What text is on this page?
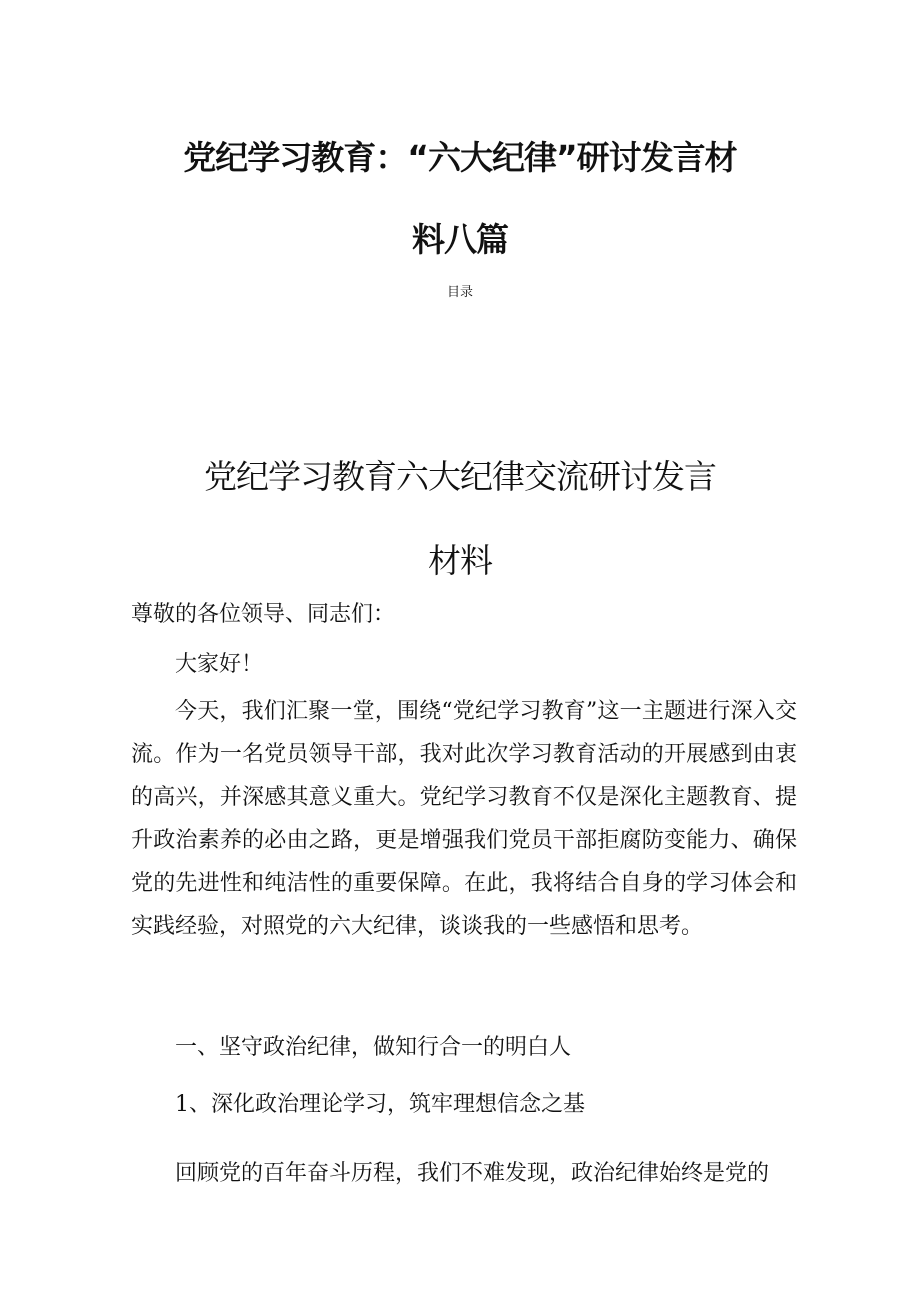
党纪学习教育：“六大纪律”研讨发言材
料八篇
目录
党纪学习教育六大纪律交流研讨发言
材料

尊敬的各位领导、同志们：

大家好！

今天，我们汇聚一堂，围绕“党纪学习教育”这一主题进行深入交流。作为一名党员领导干部，我对此次学习教育活动的开展感到由衷的高兴，并深感其意义重大。党纪学习教育不仅是深化主题教育、提升政治素养的必由之路，更是增强我们党员干部拒腐防变能力、确保党的先进性和纯洁性的重要保障。在此，我将结合自身的学习体会和实践经验，对照党的六大纪律，谈谈我的一些感悟和思考。

一、坚守政治纪律，做知行合一的明白人

1、深化政治理论学习，筑牢理想信念之基

回顾党的百年奋斗历程，我们不难发现，政治纪律始终是党的
